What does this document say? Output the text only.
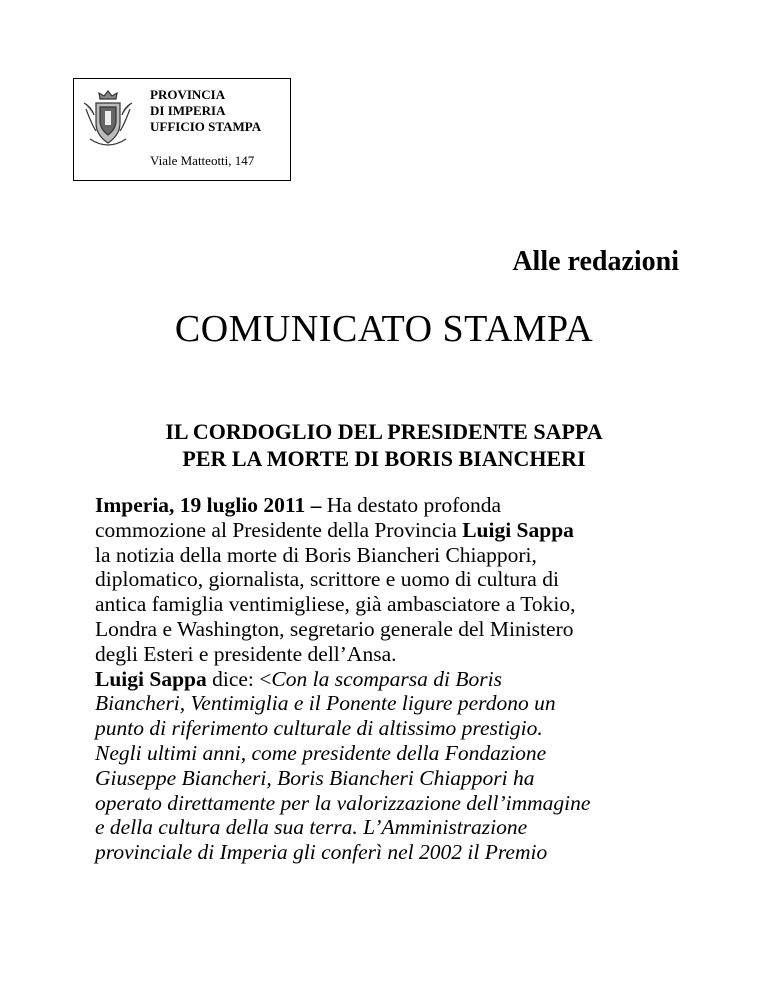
PROVINCIA
DI IMPERIA
UFFICIO STAMPA
Viale Matteotti, 147
Alle redazioni
COMUNICATO STAMPA
IL CORDOGLIO DEL PRESIDENTE SAPPA
PER LA MORTE DI BORIS BIANCHERI
Imperia, 19 luglio 2011 – Ha destato profonda
commozione al Presidente della Provincia Luigi Sappa
la notizia della morte di Boris Biancheri Chiappori,
diplomatico, giornalista, scrittore e uomo di cultura di
antica famiglia ventimigliese, già ambasciatore a Tokio,
Londra e Washington, segretario generale del Ministero
degli Esteri e presidente dell’Ansa.
Luigi Sappa dice: <Con la scomparsa di Boris
Biancheri, Ventimiglia e il Ponente ligure perdono un
punto di riferimento culturale di altissimo prestigio.
Negli ultimi anni, come presidente della Fondazione
Giuseppe Biancheri, Boris Biancheri Chiappori ha
operato direttamente per la valorizzazione dell’immagine
e della cultura della sua terra. L’Amministrazione
provinciale di Imperia gli conferì nel 2002 il Premio
